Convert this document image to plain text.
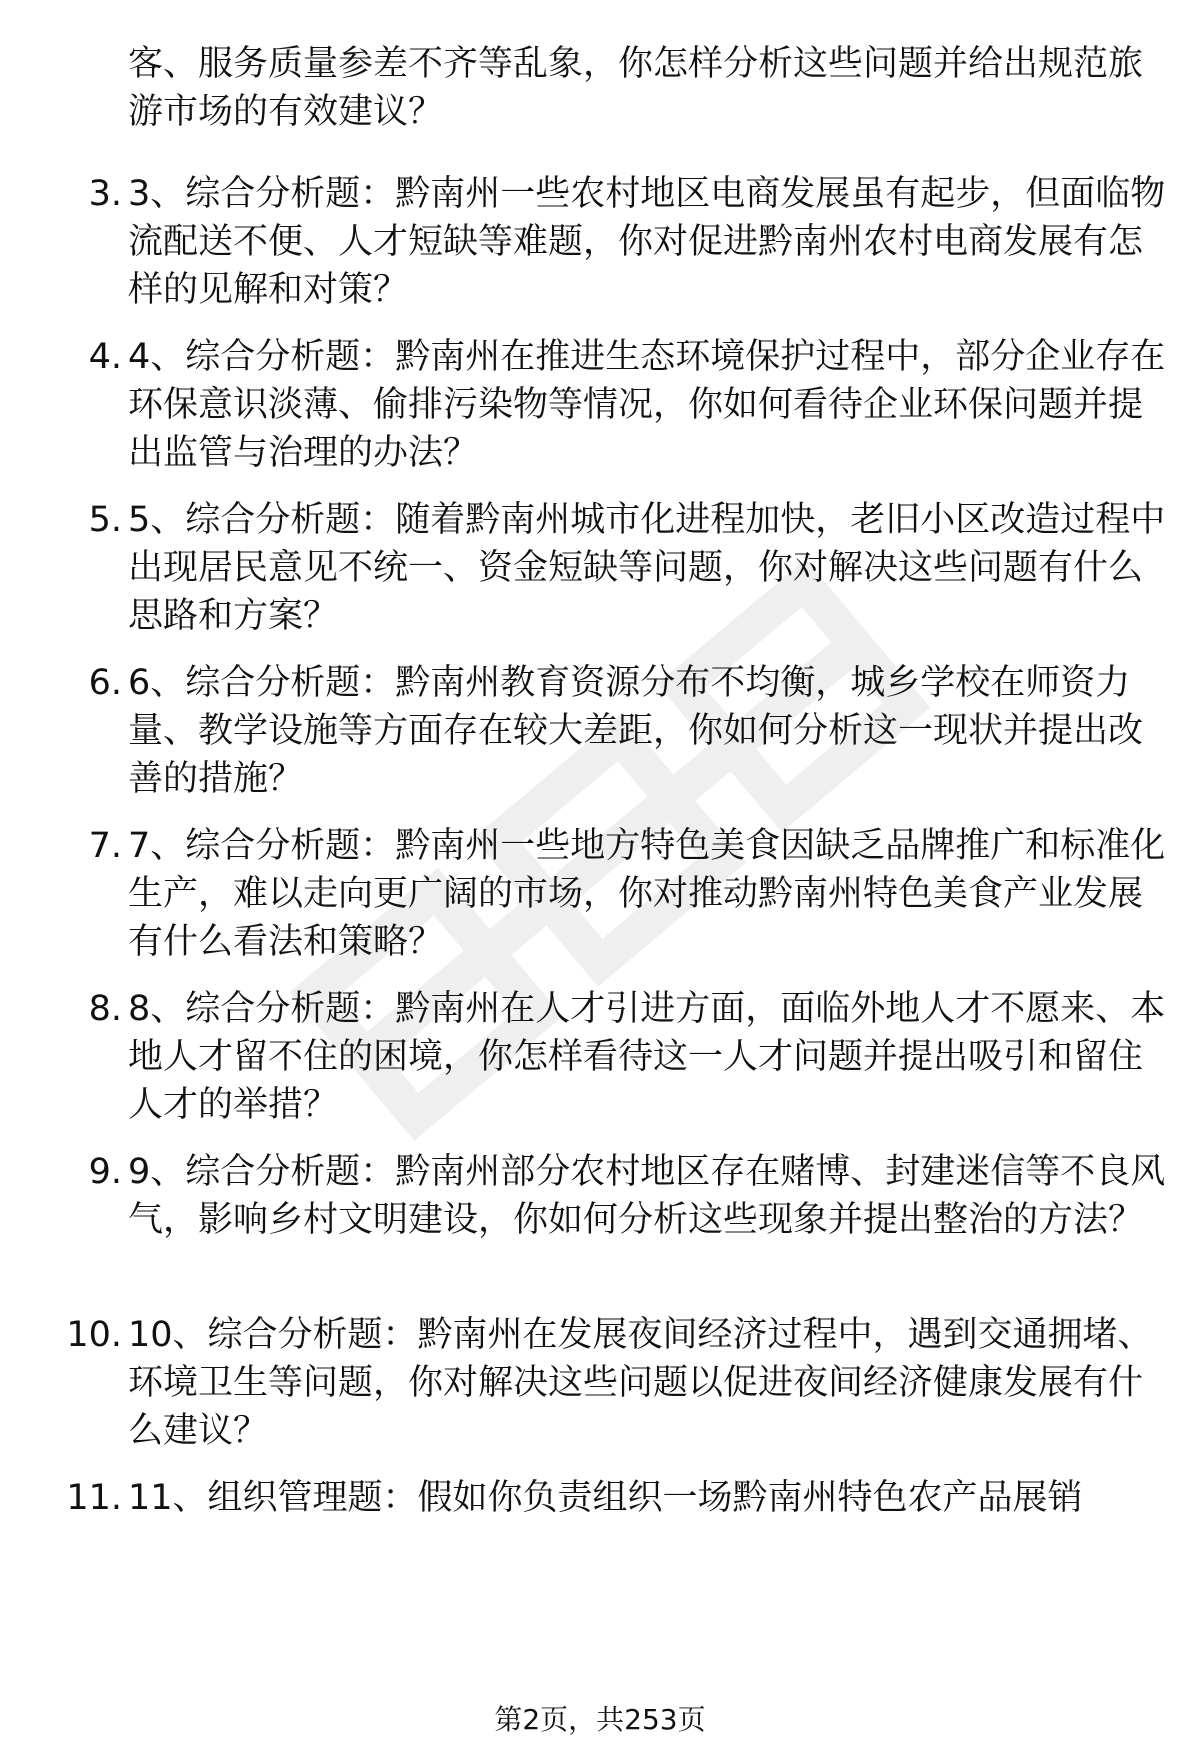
客、服务质量参差不齐等乱象，你怎样分析这些问题并给出规范旅游市场的有效建议？

3. 3、综合分析题：黔南州一些农村地区电商发展虽有起步，但面临物流配送不便、人才短缺等难题，你对促进黔南州农村电商发展有怎样的见解和对策？
4. 4、综合分析题：黔南州在推进生态环境保护过程中，部分企业存在环保意识淡薄、偷排污染物等情况，你如何看待企业环保问题并提出监管与治理的办法？
5. 5、综合分析题：随着黔南州城市化进程加快，老旧小区改造过程中出现居民意见不统一、资金短缺等问题，你对解决这些问题有什么思路和方案？
6. 6、综合分析题：黔南州教育资源分布不均衡，城乡学校在师资力量、教学设施等方面存在较大差距，你如何分析这一现状并提出改善的措施？
7. 7、综合分析题：黔南州一些地方特色美食因缺乏品牌推广和标准化生产，难以走向更广阔的市场，你对推动黔南州特色美食产业发展有什么看法和策略？
8. 8、综合分析题：黔南州在人才引进方面，面临外地人才不愿来、本地人才留不住的困境，你怎样看待这一人才问题并提出吸引和留住人才的举措？
9. 9、综合分析题：黔南州部分农村地区存在赌博、封建迷信等不良风气，影响乡村文明建设，你如何分析这些现象并提出整治的方法？
10. 10、综合分析题：黔南州在发展夜间经济过程中，遇到交通拥堵、环境卫生等问题，你对解决这些问题以促进夜间经济健康发展有什么建议？
11. 11、组织管理题：假如你负责组织一场黔南州特色农产品展销
第2页，共253页
